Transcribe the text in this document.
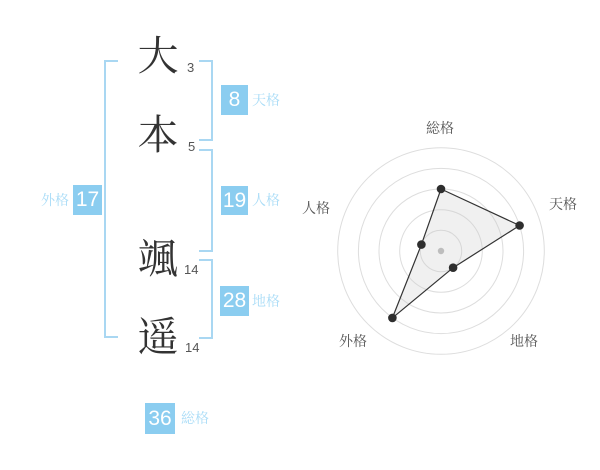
大
本
颯
遥
3
5
14
14
8 天格
外格 17	19 人格
28 地格
36 総格
総格
天格
地格
外格
人格
